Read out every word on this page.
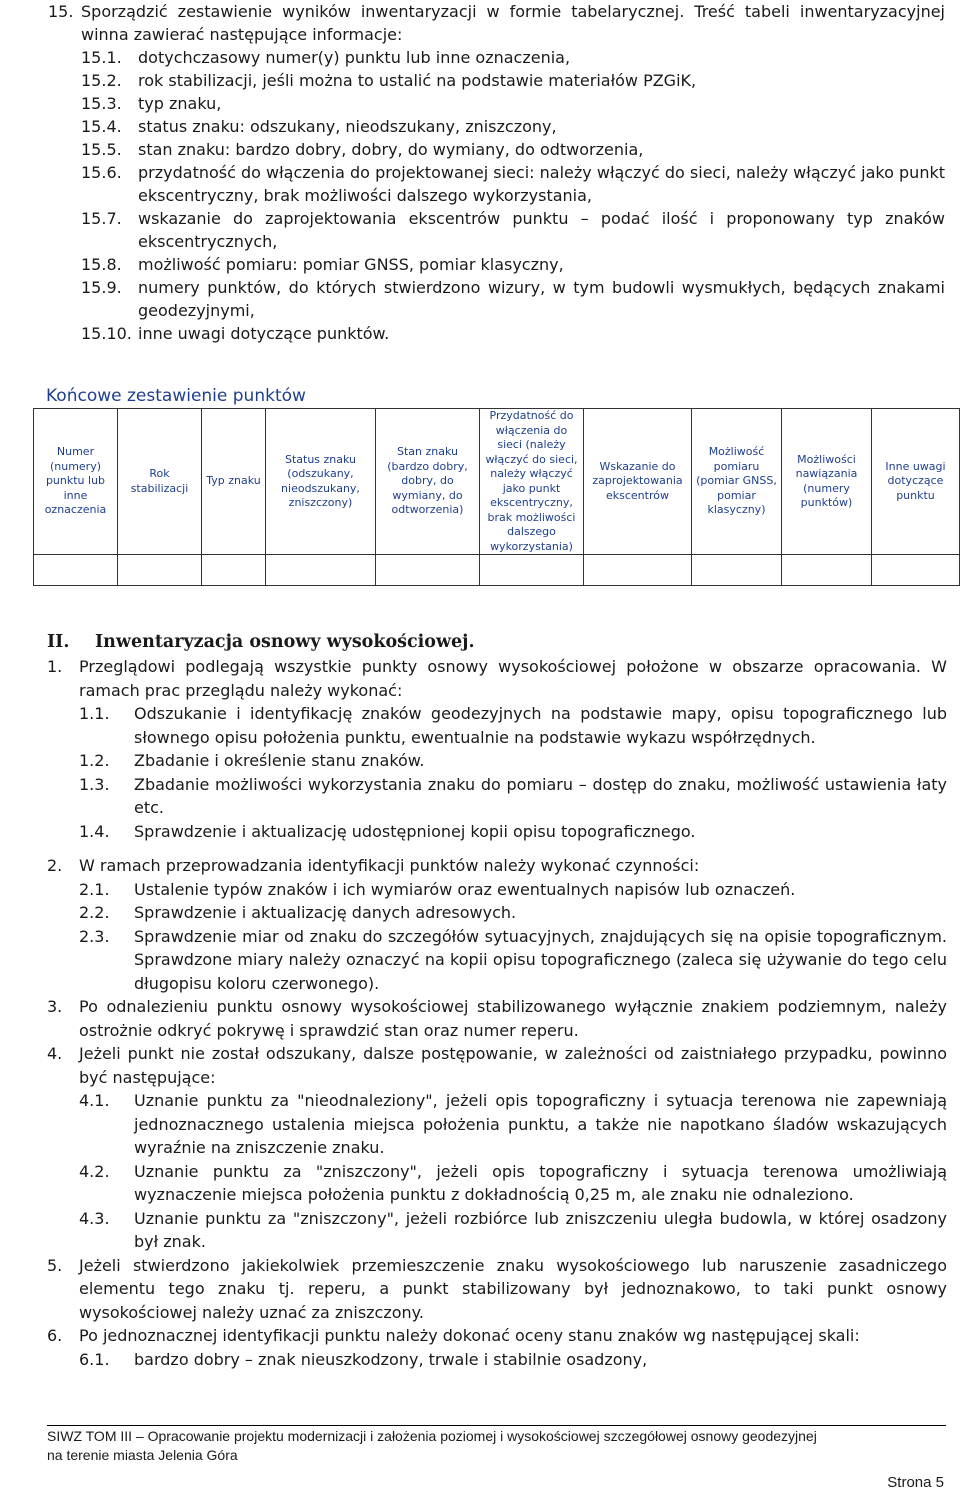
15. Sporządzić zestawienie wyników inwentaryzacji w formie tabelarycznej. Treść tabeli inwentaryzacyjnej winna zawierać następujące informacje:
15.1. dotychczasowy numer(y) punktu lub inne oznaczenia,
15.2. rok stabilizacji, jeśli można to ustalić na podstawie materiałów PZGiK,
15.3. typ znaku,
15.4. status znaku: odszukany, nieodszukany, zniszczony,
15.5. stan znaku: bardzo dobry, dobry, do wymiany, do odtworzenia,
15.6. przydatność do włączenia do projektowanej sieci: należy włączyć do sieci, należy włączyć jako punkt ekscentryczny, brak możliwości dalszego wykorzystania,
15.7. wskazanie do zaprojektowania ekscentrów punktu – podać ilość i proponowany typ znaków ekscentrycznych,
15.8. możliwość pomiaru: pomiar GNSS, pomiar klasyczny,
15.9. numery punktów, do których stwierdzono wizury, w tym budowli wysmukłych, będących znakami geodezyjnymi,
15.10. inne uwagi dotyczące punktów.
Końcowe zestawienie punktów
Numer (numery) punktu lub inne oznaczenia	Rok stabilizacji	Typ znaku	Status znaku (odszukany, nieodszukany, zniszczony)	Stan znaku (bardzo dobry, dobry, do wymiany, do odtworzenia)	Przydatność do włączenia do sieci (należy włączyć do sieci, należy włączyć jako punkt ekscentryczny, brak możliwości dalszego wykorzystania)	Wskazanie do zaprojektowania ekscentrów	Możliwość pomiaru (pomiar GNSS, pomiar klasyczny)	Możliwości nawiązania (numery punktów)	Inne uwagi dotyczące punktu

II. Inwentaryzacja osnowy wysokościowej.
1. Przeglądowi podlegają wszystkie punkty osnowy wysokościowej położone w obszarze opracowania. W ramach prac przeglądu należy wykonać:
1.1. Odszukanie i identyfikację znaków geodezyjnych na podstawie mapy, opisu topograficznego lub słownego opisu położenia punktu, ewentualnie na podstawie wykazu współrzędnych.
1.2. Zbadanie i określenie stanu znaków.
1.3. Zbadanie możliwości wykorzystania znaku do pomiaru – dostęp do znaku, możliwość ustawienia łaty etc.
1.4. Sprawdzenie i aktualizację udostępnionej kopii opisu topograficznego.
2. W ramach przeprowadzania identyfikacji punktów należy wykonać czynności:
2.1. Ustalenie typów znaków i ich wymiarów oraz ewentualnych napisów lub oznaczeń.
2.2. Sprawdzenie i aktualizację danych adresowych.
2.3. Sprawdzenie miar od znaku do szczegółów sytuacyjnych, znajdujących się na opisie topograficznym. Sprawdzone miary należy oznaczyć na kopii opisu topograficznego (zaleca się używanie do tego celu długopisu koloru czerwonego).
3. Po odnalezieniu punktu osnowy wysokościowej stabilizowanego wyłącznie znakiem podziemnym, należy ostrożnie odkryć pokrywę i sprawdzić stan oraz numer reperu.
4. Jeżeli punkt nie został odszukany, dalsze postępowanie, w zależności od zaistniałego przypadku, powinno być następujące:
4.1. Uznanie punktu za "nieodnaleziony", jeżeli opis topograficzny i sytuacja terenowa nie zapewniają jednoznacznego ustalenia miejsca położenia punktu, a także nie napotkano śladów wskazujących wyraźnie na zniszczenie znaku.
4.2. Uznanie punktu za "zniszczony", jeżeli opis topograficzny i sytuacja terenowa umożliwiają wyznaczenie miejsca położenia punktu z dokładnością 0,25 m, ale znaku nie odnaleziono.
4.3. Uznanie punktu za "zniszczony", jeżeli rozbiórce lub zniszczeniu uległa budowla, w której osadzony był znak.
5. Jeżeli stwierdzono jakiekolwiek przemieszczenie znaku wysokościowego lub naruszenie zasadniczego elementu tego znaku tj. reperu, a punkt stabilizowany był jednoznakowo, to taki punkt osnowy wysokościowej należy uznać za zniszczony.
6. Po jednoznacznej identyfikacji punktu należy dokonać oceny stanu znaków wg następującej skali:
6.1. bardzo dobry – znak nieuszkodzony, trwale i stabilnie osadzony,
SIWZ TOM III – Opracowanie projektu modernizacji i założenia poziomej i wysokościowej szczegółowej osnowy geodezyjnej
na terenie miasta Jelenia Góra
Strona 5
